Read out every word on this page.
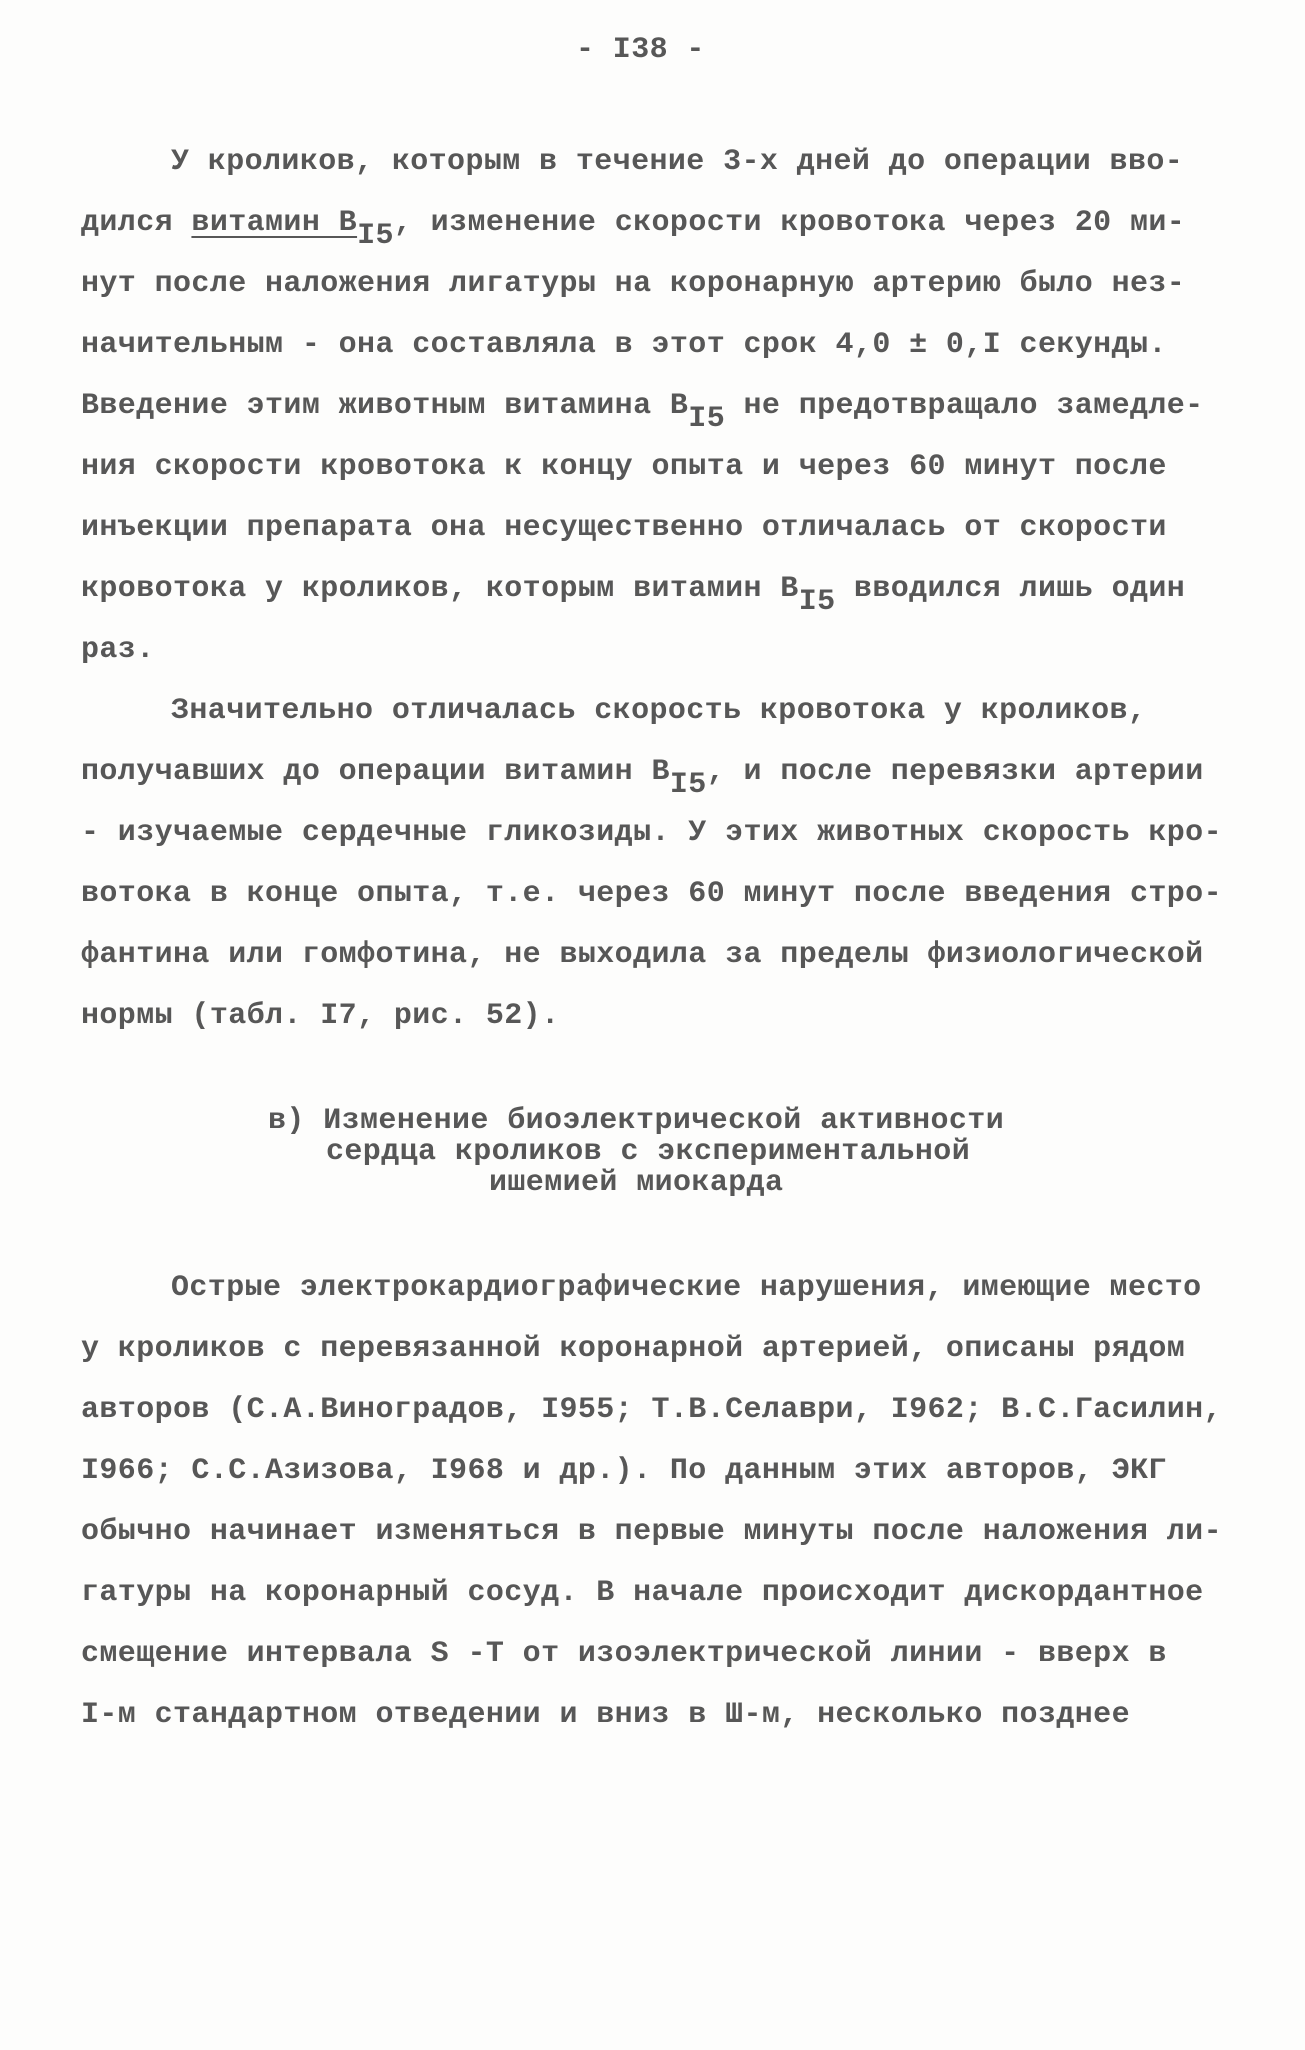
- I38 -
У кроликов, которым в течение 3-х дней до операции вво-
дился витамин BI5, изменение скорости кровотока через 20 ми-
нут после наложения лигатуры на коронарную артерию было нез-
начительным - она составляла в этот срок 4,0 ± 0,I секунды.
Введение этим животным витамина BI5 не предотвращало замедле-
ния скорости кровотока к концу опыта и через 60 минут после
инъекции препарата она несущественно отличалась от скорости
кровотока у кроликов, которым витамин BI5 вводился лишь один
раз.
Значительно отличалась скорость кровотока у кроликов,
получавших до операции витамин BI5, и после перевязки артерии
- изучаемые сердечные гликозиды. У этих животных скорость кро-
вотока в конце опыта, т.е. через 60 минут после введения стро-
фантина или гомфотина, не выходила за пределы физиологической
нормы (табл. I7, рис. 52).
в) Изменение биоэлектрической активности
сердца кроликов с экспериментальной
ишемией миокарда
Острые электрокардиографические нарушения, имеющие место
у кроликов с перевязанной коронарной артерией, описаны рядом
авторов (С.А.Виноградов, I955; Т.В.Селаври, I962; В.С.Гасилин,
I966; С.С.Азизова, I968 и др.). По данным этих авторов, ЭКГ
обычно начинает изменяться в первые минуты после наложения ли-
гатуры на коронарный сосуд. В начале происходит дискордантное
смещение интервала S -Т от изоэлектрической линии - вверх в
I-м стандартном отведении и вниз в Ш-м, несколько позднее
